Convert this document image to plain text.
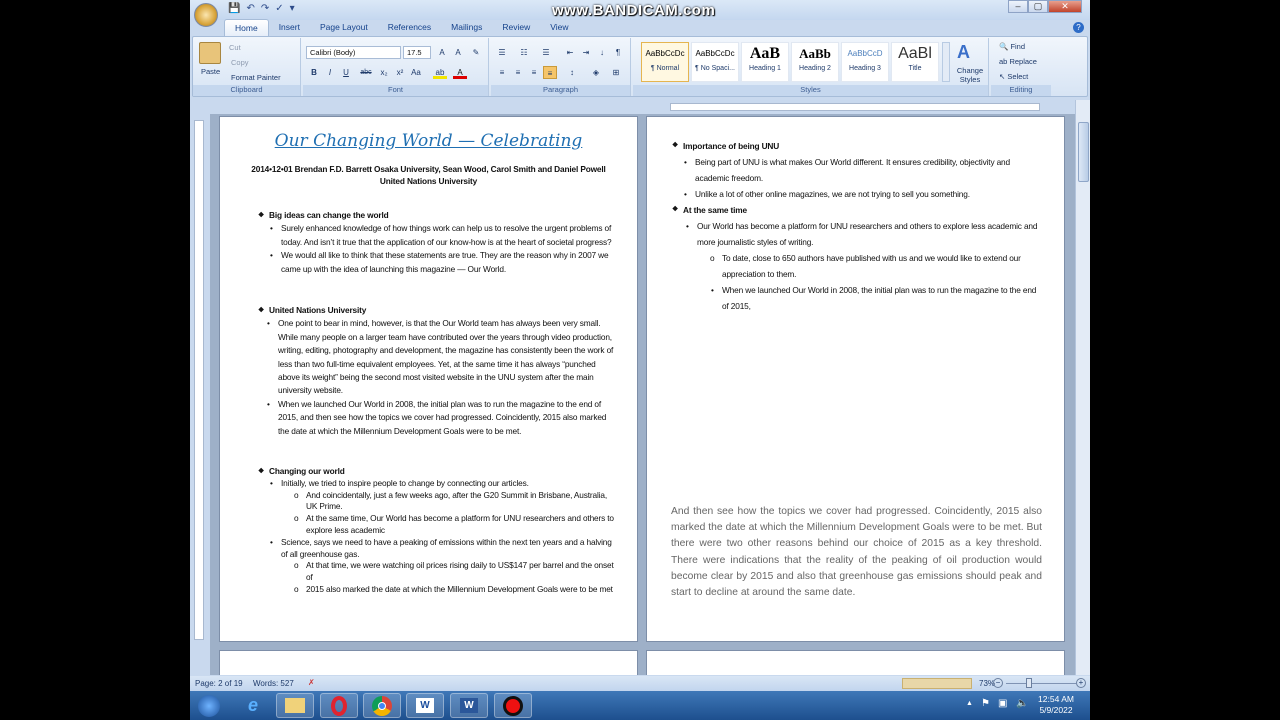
💾 ↶ ↷ ✓ ▾	www.BANDICAM.com	–	▢	✕
Home	Insert	Page Layout	References	Mailings	Review	View	?
Paste
Cut
Copy
Format Painter
Clipboard
Calibri (Body)	17.5	A	A	✎
B	I	U	abc	x₂	x² Aa	ab	A
Font
☰	☷	☰	⇤	⇥	↓	¶
≡	≡	≡	≡	↕	◈	⊞
Paragraph
AaBbCcDc
¶ Normal
AaBbCcDc
¶ No Spaci...
AaB
Heading 1
AaBb
Heading 2
AaBbCcD
Heading 3
AaBl
Title
A
Change Styles
Styles
🔍 Find
ab Replace
↖ Select
Editing
Our Changing World — Celebrating
2014•12•01 Brendan F.D. Barrett Osaka University, Sean Wood, Carol Smith and Daniel Powell United Nations University
❖ Big ideas can change the world
• Surely enhanced knowledge of how things work can help us to resolve the urgent problems of today. And isn’t it true that the application of our know-how is at the heart of societal progress?
• We would all like to think that these statements are true. They are the reason why in 2007 we came up with the idea of launching this magazine — Our World.
❖ United Nations University
• One point to bear in mind, however, is that the Our World team has always been very small. While many people on a larger team have contributed over the years through video production, writing, editing, photography and development, the magazine has consistently been the work of less than two full-time equivalent employees. Yet, at the same time it has always “punched above its weight” being the second most visited website in the UNU system after the main university website.
• When we launched Our World in 2008, the initial plan was to run the magazine to the end of 2015, and then see how the topics we cover had progressed. Coincidently, 2015 also marked the date at which the Millennium Development Goals were to be met.
❖ Changing our world
• Initially, we tried to inspire people to change by connecting our articles.
o And coincidentally, just a few weeks ago, after the G20 Summit in Brisbane, Australia, UK Prime.
o At the same time, Our World has become a platform for UNU researchers and others to explore less academic
• Science, says we need to have a peaking of emissions within the next ten years and a halving of all greenhouse gas.
o At that time, we were watching oil prices rising daily to US$147 per barrel and the onset of
o 2015 also marked the date at which the Millennium Development Goals were to be met
❖ Importance of being UNU
• Being part of UNU is what makes Our World different. It ensures credibility, objectivity and academic freedom.
• Unlike a lot of other online magazines, we are not trying to sell you something.
❖ At the same time
• Our World has become a platform for UNU researchers and others to explore less academic and more journalistic styles of writing.
o To date, close to 650 authors have published with us and we would like to extend our appreciation to them.
• When we launched Our World in 2008, the initial plan was to run the magazine to the end of 2015,
And then see how the topics we cover had progressed. Coincidently, 2015 also marked the date at which the Millennium Development Goals were to be met. But there were two other reasons behind our choice of 2015 as a key threshold. There were indications that the reality of the peaking of oil production would become clear by 2015 and also that greenhouse gas emissions should peak and start to decline at around the same date.
Page: 2 of 19 Words: 527 ✗	73% −	+
e	W	W	▲ ⚑ ▣ 🔈 12:54 AM
5/9/2022
